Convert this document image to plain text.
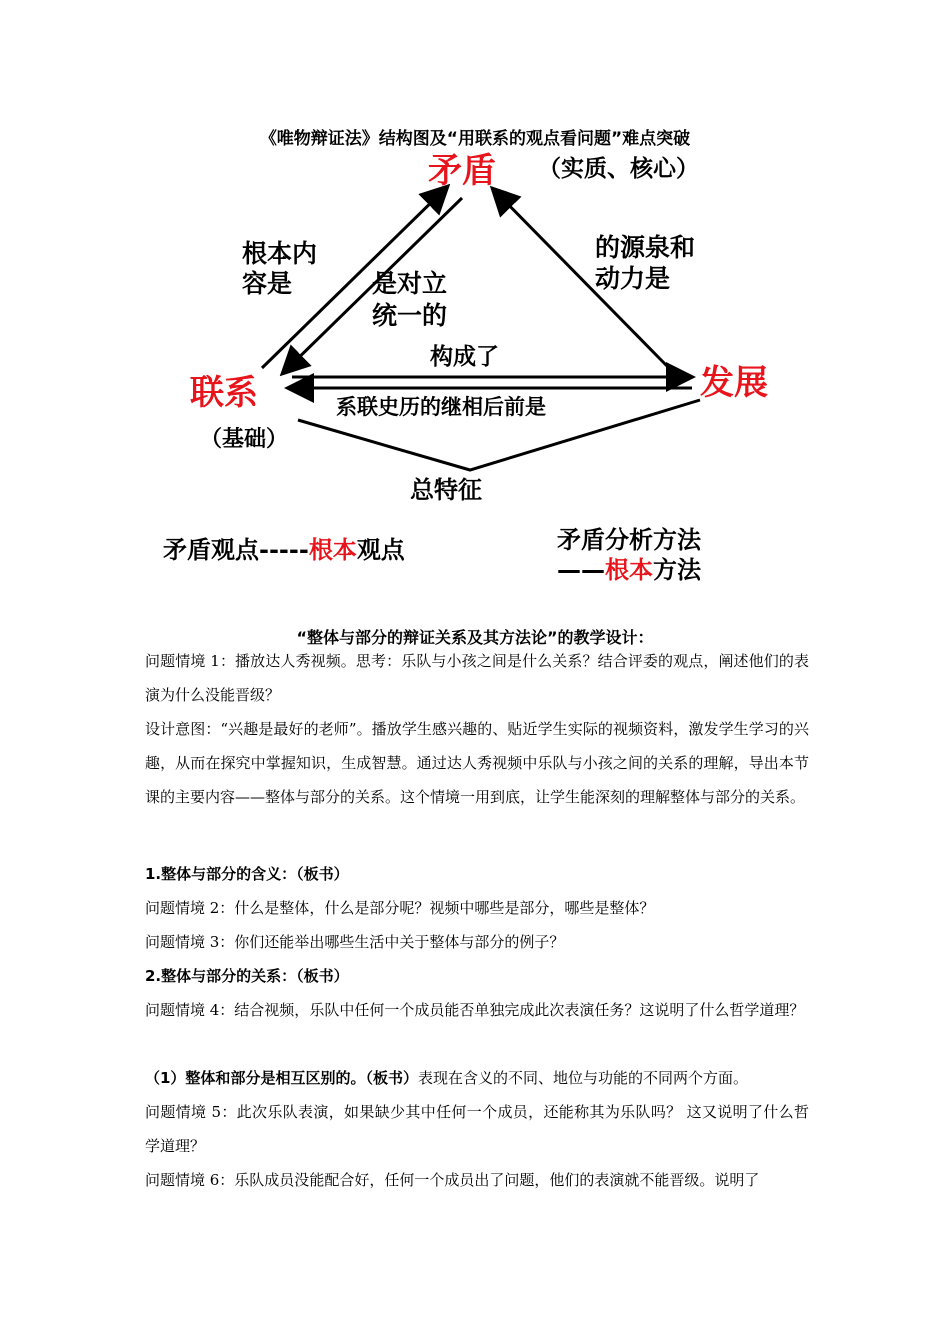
《唯物辩证法》结构图及“用联系的观点看问题”难点突破
矛盾 （实质、核心）
联系
（基础）
发展
根本内
容是	是对立
统一的
的源泉和
动力是
构成了
系联史历的继相后前是
总特征
矛盾观点-----根本观点	矛盾分析方法
——根本方法
“整体与部分的辩证关系及其方法论”的教学设计：

问题情境 1：播放达人秀视频。思考：乐队与小孩之间是什么关系？结合评委的观点，阐述他们的表演为什么没能晋级？

设计意图：“兴趣是最好的老师”。播放学生感兴趣的、贴近学生实际的视频资料，激发学生学习的兴趣，从而在探究中掌握知识，生成智慧。通过达人秀视频中乐队与小孩之间的关系的理解，导出本节课的主要内容——整体与部分的关系。这个情境一用到底，让学生能深刻的理解整体与部分的关系。

1.整体与部分的含义：（板书）

问题情境 2：什么是整体，什么是部分呢？视频中哪些是部分，哪些是整体？

问题情境 3：你们还能举出哪些生活中关于整体与部分的例子？

2.整体与部分的关系：（板书）

问题情境 4：结合视频，乐队中任何一个成员能否单独完成此次表演任务？这说明了什么哲学道理？

（1）整体和部分是相互区别的。（板书）表现在含义的不同、地位与功能的不同两个方面。

问题情境 5：此次乐队表演，如果缺少其中任何一个成员，还能称其为乐队吗？ 这又说明了什么哲学道理？

问题情境 6：乐队成员没能配合好，任何一个成员出了问题，他们的表演就不能晋级。说明了
